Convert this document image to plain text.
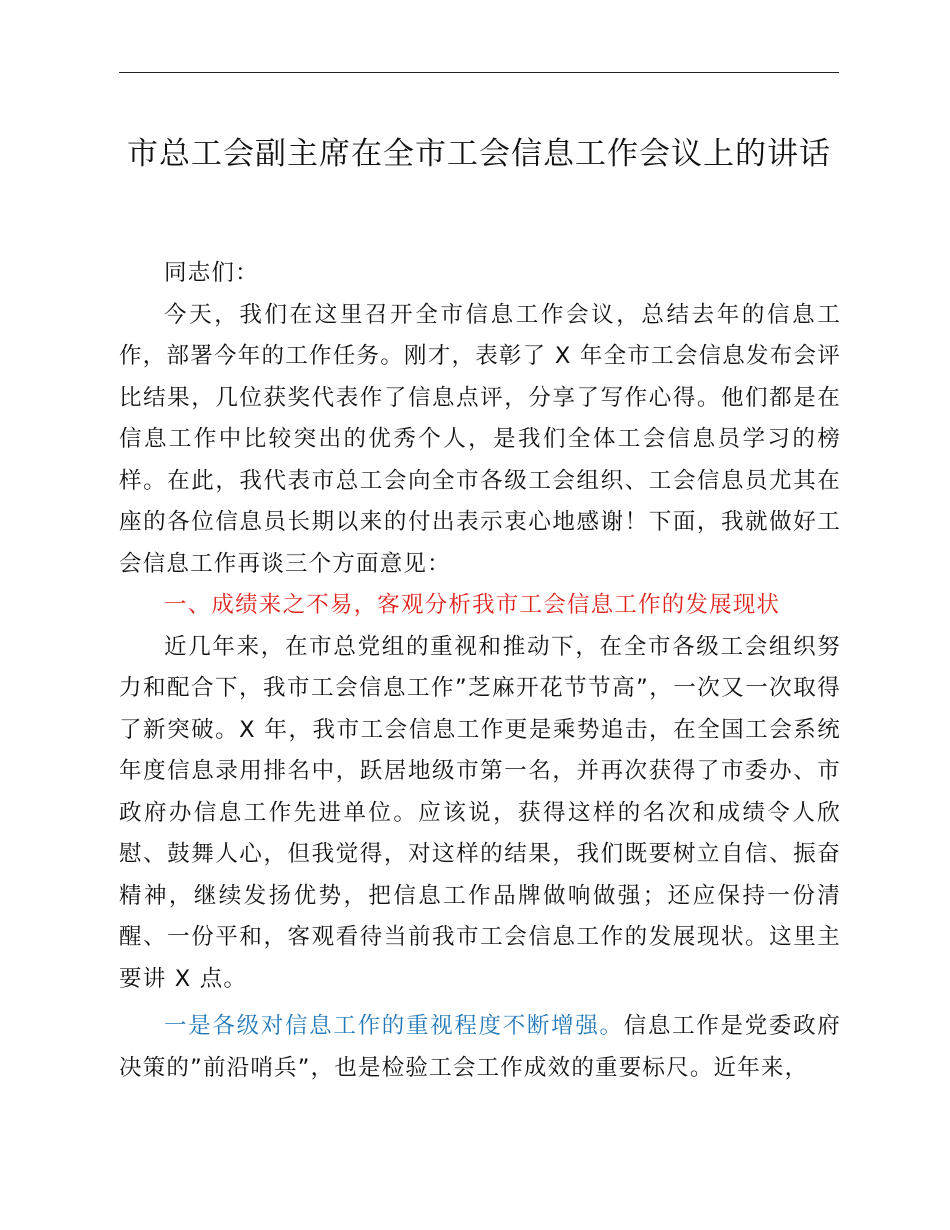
市总工会副主席在全市工会信息工作会议上的讲话

同志们：

今天，我们在这里召开全市信息工作会议，总结去年的信息工作，部署今年的工作任务。刚才，表彰了 X 年全市工会信息发布会评比结果，几位获奖代表作了信息点评，分享了写作心得。他们都是在信息工作中比较突出的优秀个人，是我们全体工会信息员学习的榜样。在此，我代表市总工会向全市各级工会组织、工会信息员尤其在座的各位信息员长期以来的付出表示衷心地感谢！下面，我就做好工会信息工作再谈三个方面意见：

一、成绩来之不易，客观分析我市工会信息工作的发展现状

近几年来，在市总党组的重视和推动下，在全市各级工会组织努力和配合下，我市工会信息工作”芝麻开花节节高”，一次又一次取得了新突破。X 年，我市工会信息工作更是乘势追击，在全国工会系统年度信息录用排名中，跃居地级市第一名，并再次获得了市委办、市政府办信息工作先进单位。应该说，获得这样的名次和成绩令人欣慰、鼓舞人心，但我觉得，对这样的结果，我们既要树立自信、振奋精神，继续发扬优势，把信息工作品牌做响做强；还应保持一份清醒、一份平和，客观看待当前我市工会信息工作的发展现状。这里主要讲 X 点。

一是各级对信息工作的重视程度不断增强。信息工作是党委政府决策的”前沿哨兵”，也是检验工会工作成效的重要标尺。近年来，
